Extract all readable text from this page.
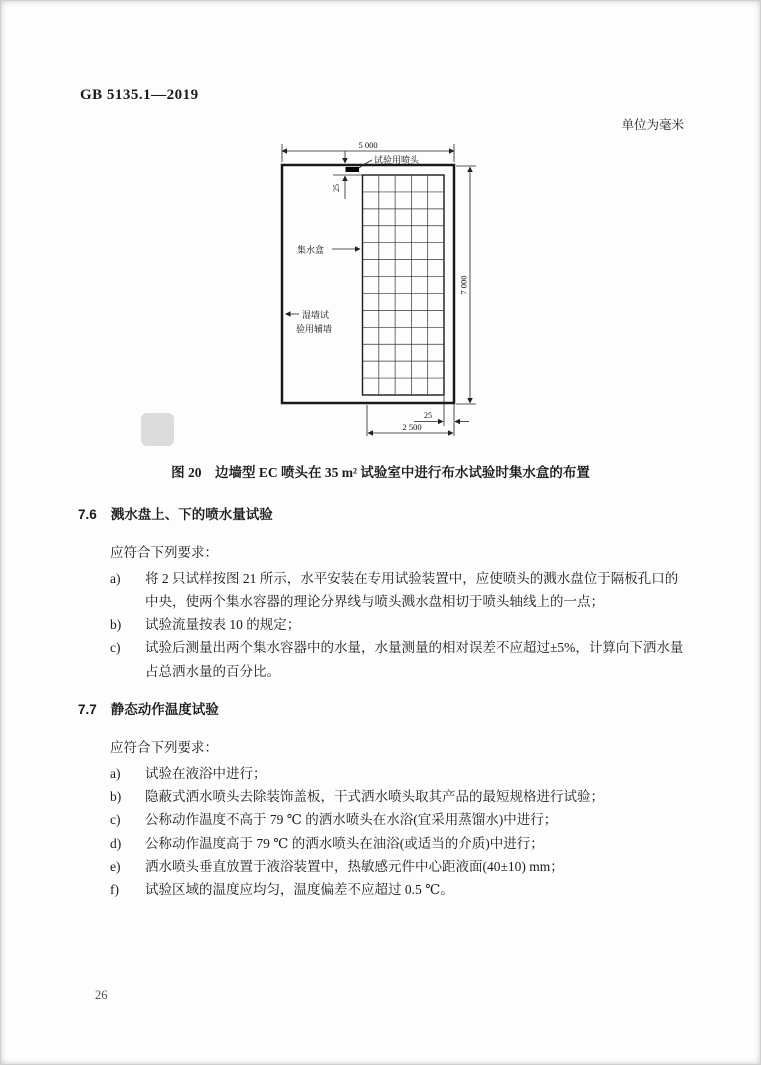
GB 5135.1—2019
单位为毫米
5 000
试验用喷头
25
集水盒
湿墙试
验用辅墙
7 000
25
2 500
图 20　边墙型 EC 喷头在 35 m² 试验室中进行布水试验时集水盒的布置
7.6 溅水盘上、下的喷水量试验
应符合下列要求：
a)	将 2 只试样按图 21 所示，水平安装在专用试验装置中，应使喷头的溅水盘位于隔板孔口的中央，使两个集水容器的理论分界线与喷头溅水盘相切于喷头轴线上的一点；
b)	试验流量按表 10 的规定；
c)	试验后测量出两个集水容器中的水量，水量测量的相对误差不应超过±5%，计算向下洒水量占总洒水量的百分比。
7.7 静态动作温度试验
应符合下列要求：
a)	试验在液浴中进行；
b)	隐蔽式洒水喷头去除装饰盖板，干式洒水喷头取其产品的最短规格进行试验；
c)	公称动作温度不高于 79 ℃ 的洒水喷头在水浴(宜采用蒸馏水)中进行；
d)	公称动作温度高于 79 ℃ 的洒水喷头在油浴(或适当的介质)中进行；
e)	洒水喷头垂直放置于液浴装置中，热敏感元件中心距液面(40±10) mm；
f)	试验区域的温度应均匀，温度偏差不应超过 0.5 ℃。
26
